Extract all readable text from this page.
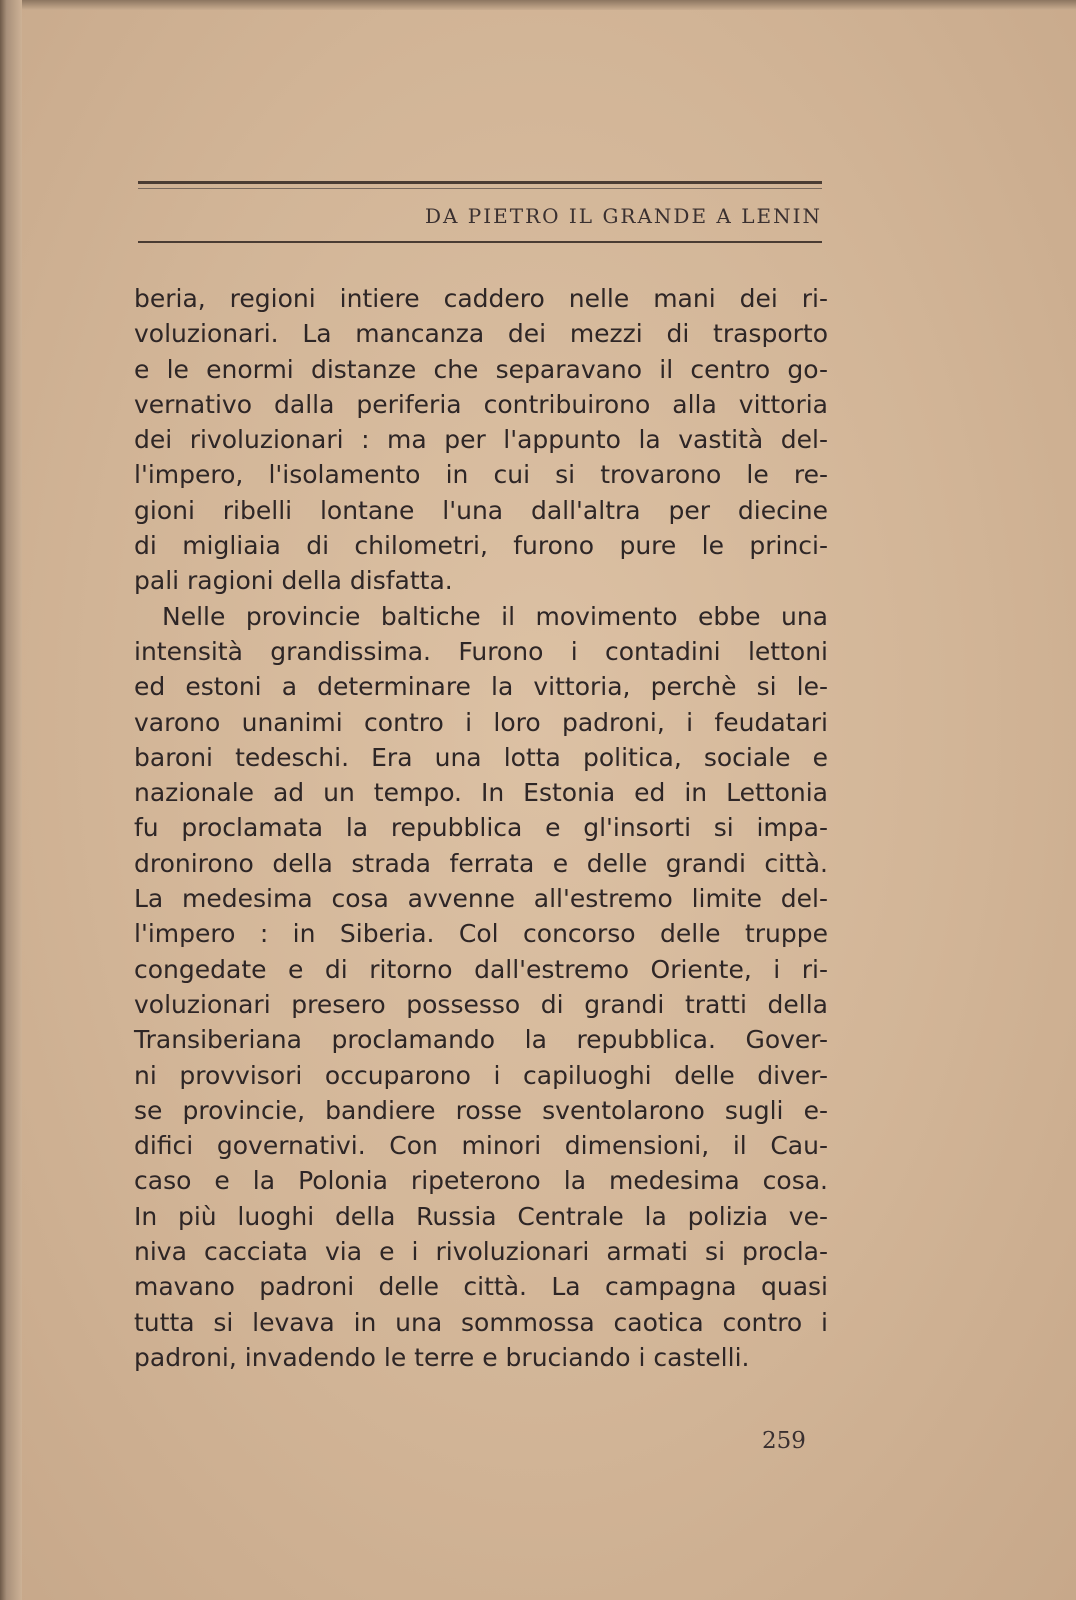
DA PIETRO IL GRANDE A LENIN
beria, regioni intiere caddero nelle mani dei ri-
voluzionari. La mancanza dei mezzi di trasporto
e le enormi distanze che separavano il centro go-
vernativo dalla periferia contribuirono alla vittoria
dei rivoluzionari : ma per l'appunto la vastità del-
l'impero, l'isolamento in cui si trovarono le re-
gioni ribelli lontane l'una dall'altra per diecine
di migliaia di chilometri, furono pure le princi-
pali ragioni della disfatta.
Nelle provincie baltiche il movimento ebbe una
intensità grandissima. Furono i contadini lettoni
ed estoni a determinare la vittoria, perchè si le-
varono unanimi contro i loro padroni, i feudatari
baroni tedeschi. Era una lotta politica, sociale e
nazionale ad un tempo. In Estonia ed in Lettonia
fu proclamata la repubblica e gl'insorti si impa-
dronirono della strada ferrata e delle grandi città.
La medesima cosa avvenne all'estremo limite del-
l'impero : in Siberia. Col concorso delle truppe
congedate e di ritorno dall'estremo Oriente, i ri-
voluzionari presero possesso di grandi tratti della
Transiberiana proclamando la repubblica. Gover-
ni provvisori occuparono i capiluoghi delle diver-
se provincie, bandiere rosse sventolarono sugli e-
difici governativi. Con minori dimensioni, il Cau-
caso e la Polonia ripeterono la medesima cosa.
In più luoghi della Russia Centrale la polizia ve-
niva cacciata via e i rivoluzionari armati si procla-
mavano padroni delle città. La campagna quasi
tutta si levava in una sommossa caotica contro i
padroni, invadendo le terre e bruciando i castelli.
259
